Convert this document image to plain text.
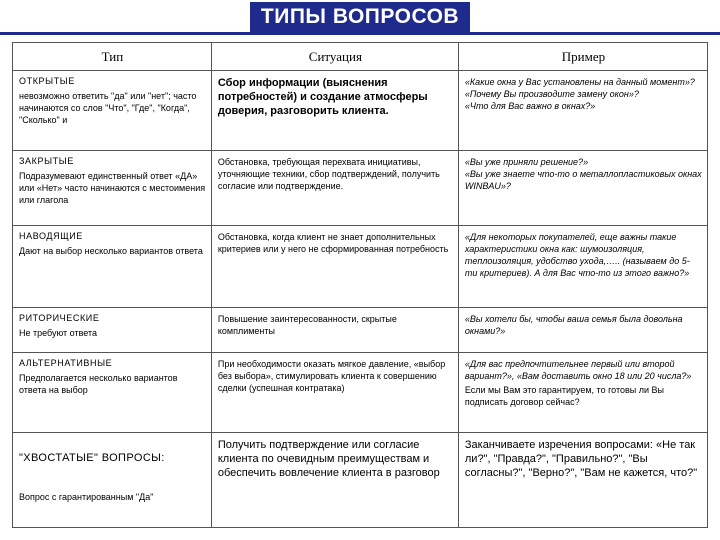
ТИПЫ ВОПРОСОВ
Тип	Ситуация	Пример

ОТКРЫТЫЕ
невозможно ответить "да" или "нет"; часто начинаются со слов "Что", "Где", "Когда", "Сколько" и	Сбор информации (выяснения потребностей) и создание атмосферы доверия, разговорить клиента.	«Какие окна у Вас установлены на данный момент»?
«Почему Вы производите замену окон»?
«Что для Вас важно в окнах?»

ЗАКРЫТЫЕ
Подразумевают единственный ответ «ДА» или «Нет» часто начинаются с местоимения или глагола	Обстановка, требующая перехвата инициативы, уточняющие техники, сбор подтверждений, получить согласие или подтверждение.	«Вы уже приняли решение?»
«Вы уже знаете что-то о металлопластиковых окнах WINBAU»?

НАВОДЯЩИЕ
Дают на выбор несколько вариантов ответа	Обстановка, когда клиент не знает дополнительных критериев или у него не сформированная потребность	«Для некоторых покупателей, еще важны такие характеристики окна как: шумоизоляция, теплоизоляция, удобство ухода,….. (называем до 5-ти критериев). А для Вас что-то из этого важно?»

РИТОРИЧЕСКИЕ
Не требуют ответа	Повышение заинтересованности, скрытые комплименты	«Вы хотели бы, чтобы ваша семья была довольна окнами?»

АЛЬТЕРНАТИВНЫЕ
Предполагается несколько вариантов ответа на выбор	При необходимости оказать мягкое давление, «выбор без выбора», стимулировать клиента к совершению сделки (успешная контратака)	«Для вас предпочтительнее первый или второй вариант?», «Вам доставить окно 18 или 20 числа?»
Если мы Вам это гарантируем, то готовы ли Вы подписать договор сейчас?

"ХВОСТАТЫЕ" ВОПРОСЫ:
Вопрос с гарантированным "Да"	Получить подтверждение или согласие клиента по очевидным преимуществам и обеспечить вовлечение клиента в разговор	Заканчиваете изречения вопросами: «Не так ли?", "Правда?", "Правильно?", "Вы согласны?", "Верно?", "Вам не кажется, что?"
